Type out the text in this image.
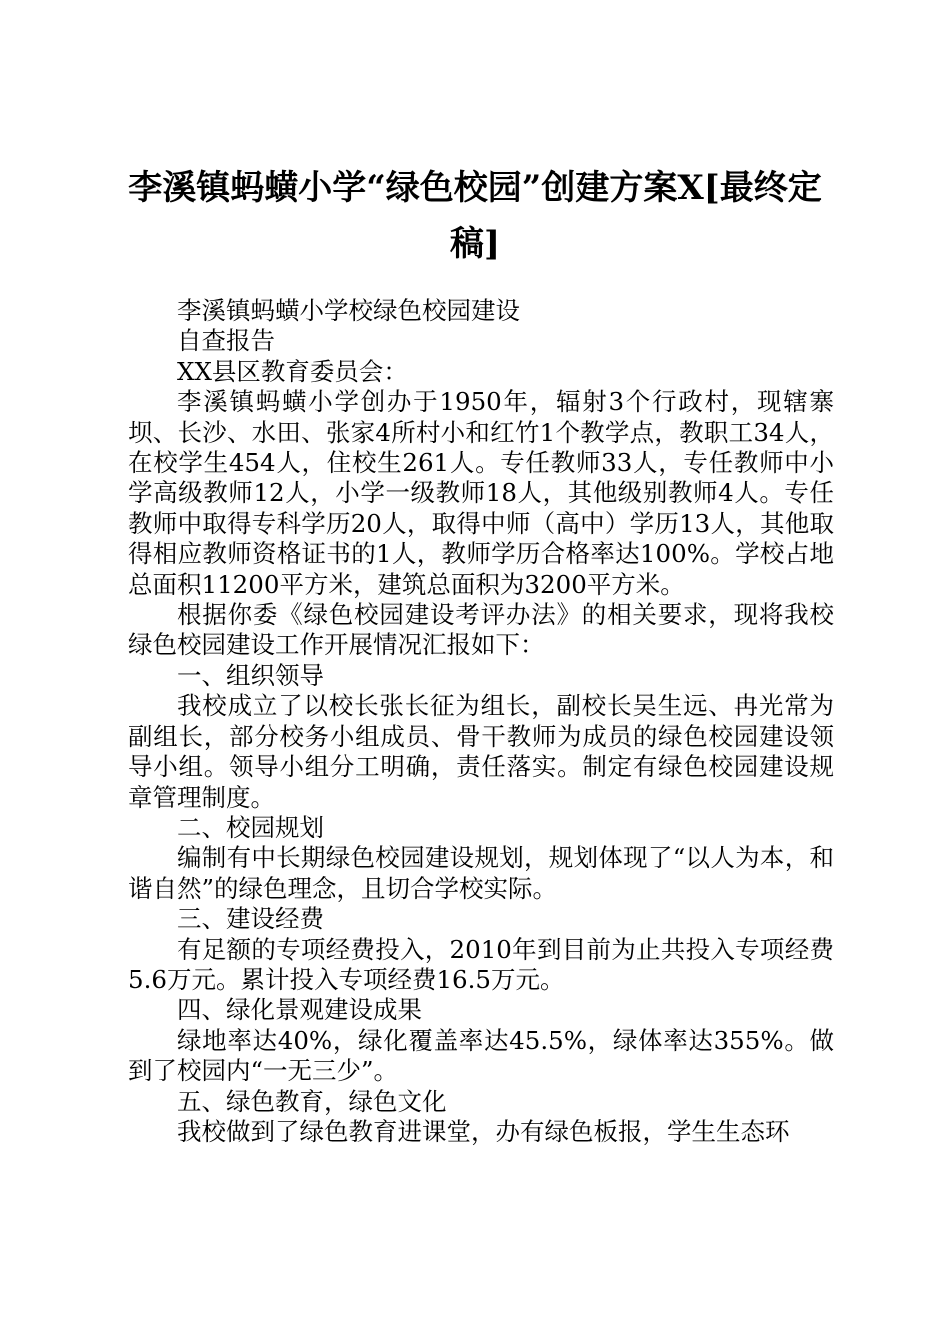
李溪镇蚂蟥小学“绿色校园”创建方案X[最终定稿]

李溪镇蚂蟥小学校绿色校园建设

自查报告

XX县区教育委员会：

李溪镇蚂蟥小学创办于1950年，辐射3个行政村，现辖寨坝、长沙、水田、张家4所村小和红竹1个教学点，教职工34人，在校学生454人，住校生261人。专任教师33人，专任教师中小学高级教师12人，小学一级教师18人，其他级别教师4人。专任教师中取得专科学历20人，取得中师（高中）学历13人，其他取得相应教师资格证书的1人，教师学历合格率达100%。学校占地总面积11200平方米，建筑总面积为3200平方米。

根据你委《绿色校园建设考评办法》的相关要求，现将我校绿色校园建设工作开展情况汇报如下：

一、组织领导

我校成立了以校长张长征为组长，副校长吴生远、冉光常为副组长，部分校务小组成员、骨干教师为成员的绿色校园建设领导小组。领导小组分工明确，责任落实。制定有绿色校园建设规章管理制度。

二、校园规划

编制有中长期绿色校园建设规划，规划体现了“以人为本，和谐自然”的绿色理念，且切合学校实际。

三、建设经费

有足额的专项经费投入，2010年到目前为止共投入专项经费5.6万元。累计投入专项经费16.5万元。

四、绿化景观建设成果

绿地率达40%，绿化覆盖率达45.5%，绿体率达355%。做到了校园内“一无三少”。

五、绿色教育，绿色文化

我校做到了绿色教育进课堂，办有绿色板报，学生生态环
